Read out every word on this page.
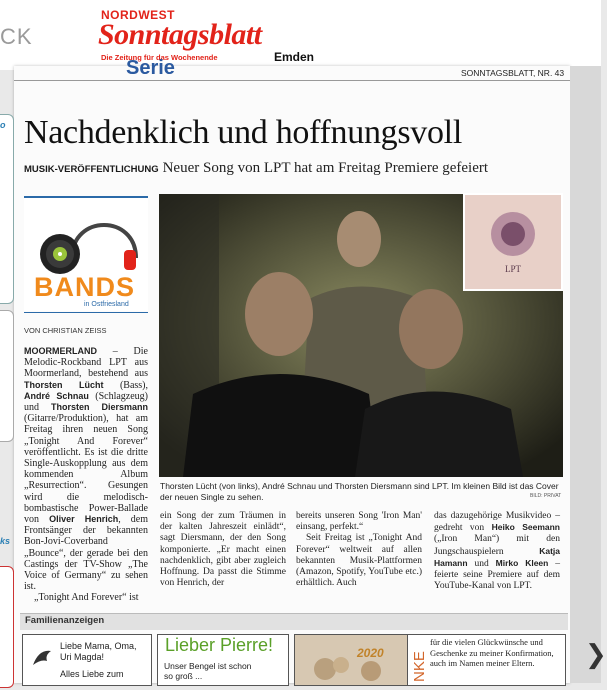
CK
NORDWEST
Sonntagsblatt
Die Zeitung für das Wochenende	Emden
❯
Serie	SONNTAGSBLATT, NR. 43
o
ks
Nachdenklich und hoffnungsvoll
MUSIK-VERÖFFENTLICHUNG Neuer Song von LPT hat am Freitag Premiere gefeiert
BANDS
in Ostfriesland
VON CHRISTIAN ZEISS

MOORMERLAND – Die Melodic-Rockband LPT aus Moormerland, bestehend aus Thorsten Lücht (Bass), André Schnau (Schlagzeug) und Thorsten Diersmann (Gitarre/Produktion), hat am Freitag ihren neuen Song „Tonight And Forever“ veröffentlicht. Es ist die dritte Single-Auskopplung aus dem kommenden Album „Resurrection“. Gesungen wird die melodisch-bombastische Power-Ballade von Oliver Henrich, dem Frontsänger der bekannten Bon-Jovi-Coverband „Bounce“, der gerade bei den Castings der TV-Show „The Voice of Germany“ zu sehen ist.

„Tonight And Forever“ ist

LPT
Thorsten Lücht (von links), André Schnau und Thorsten Diersmann sind LPT. Im kleinen Bild ist das Cover der neuen Single zu sehen.	BILD: PRIVAT

ein Song der zum Träumen in der kalten Jahreszeit einlädt“, sagt Diersmann, der den Song komponierte. „Er macht einen nachdenklich, gibt aber zugleich Hoffnung. Da passt die Stimme von Henrich, der

bereits unseren Song 'Iron Man' einsang, perfekt.“

Seit Freitag ist „Tonight And Forever“ weltweit auf allen bekannten Musik-Plattformen (Amazon, Spotify, YouTube etc.) erhältlich. Auch

das dazugehörige Musikvideo – gedreht von Heiko Seemann („Iron Man“) mit den Jungschauspielern Katja Hamann und Mirko Kleen – feierte seine Premiere auf dem YouTube-Kanal von LPT.

Familienanzeigen
Liebe Mama, Oma,
Uri Magda!
Alles Liebe zum
Lieber Pierre!
Unser Bengel ist schon
so groß ...
2020 NKE
für die vielen Glückwünsche und
Geschenke zu meiner Konfirmation,
auch im Namen meiner Eltern.
